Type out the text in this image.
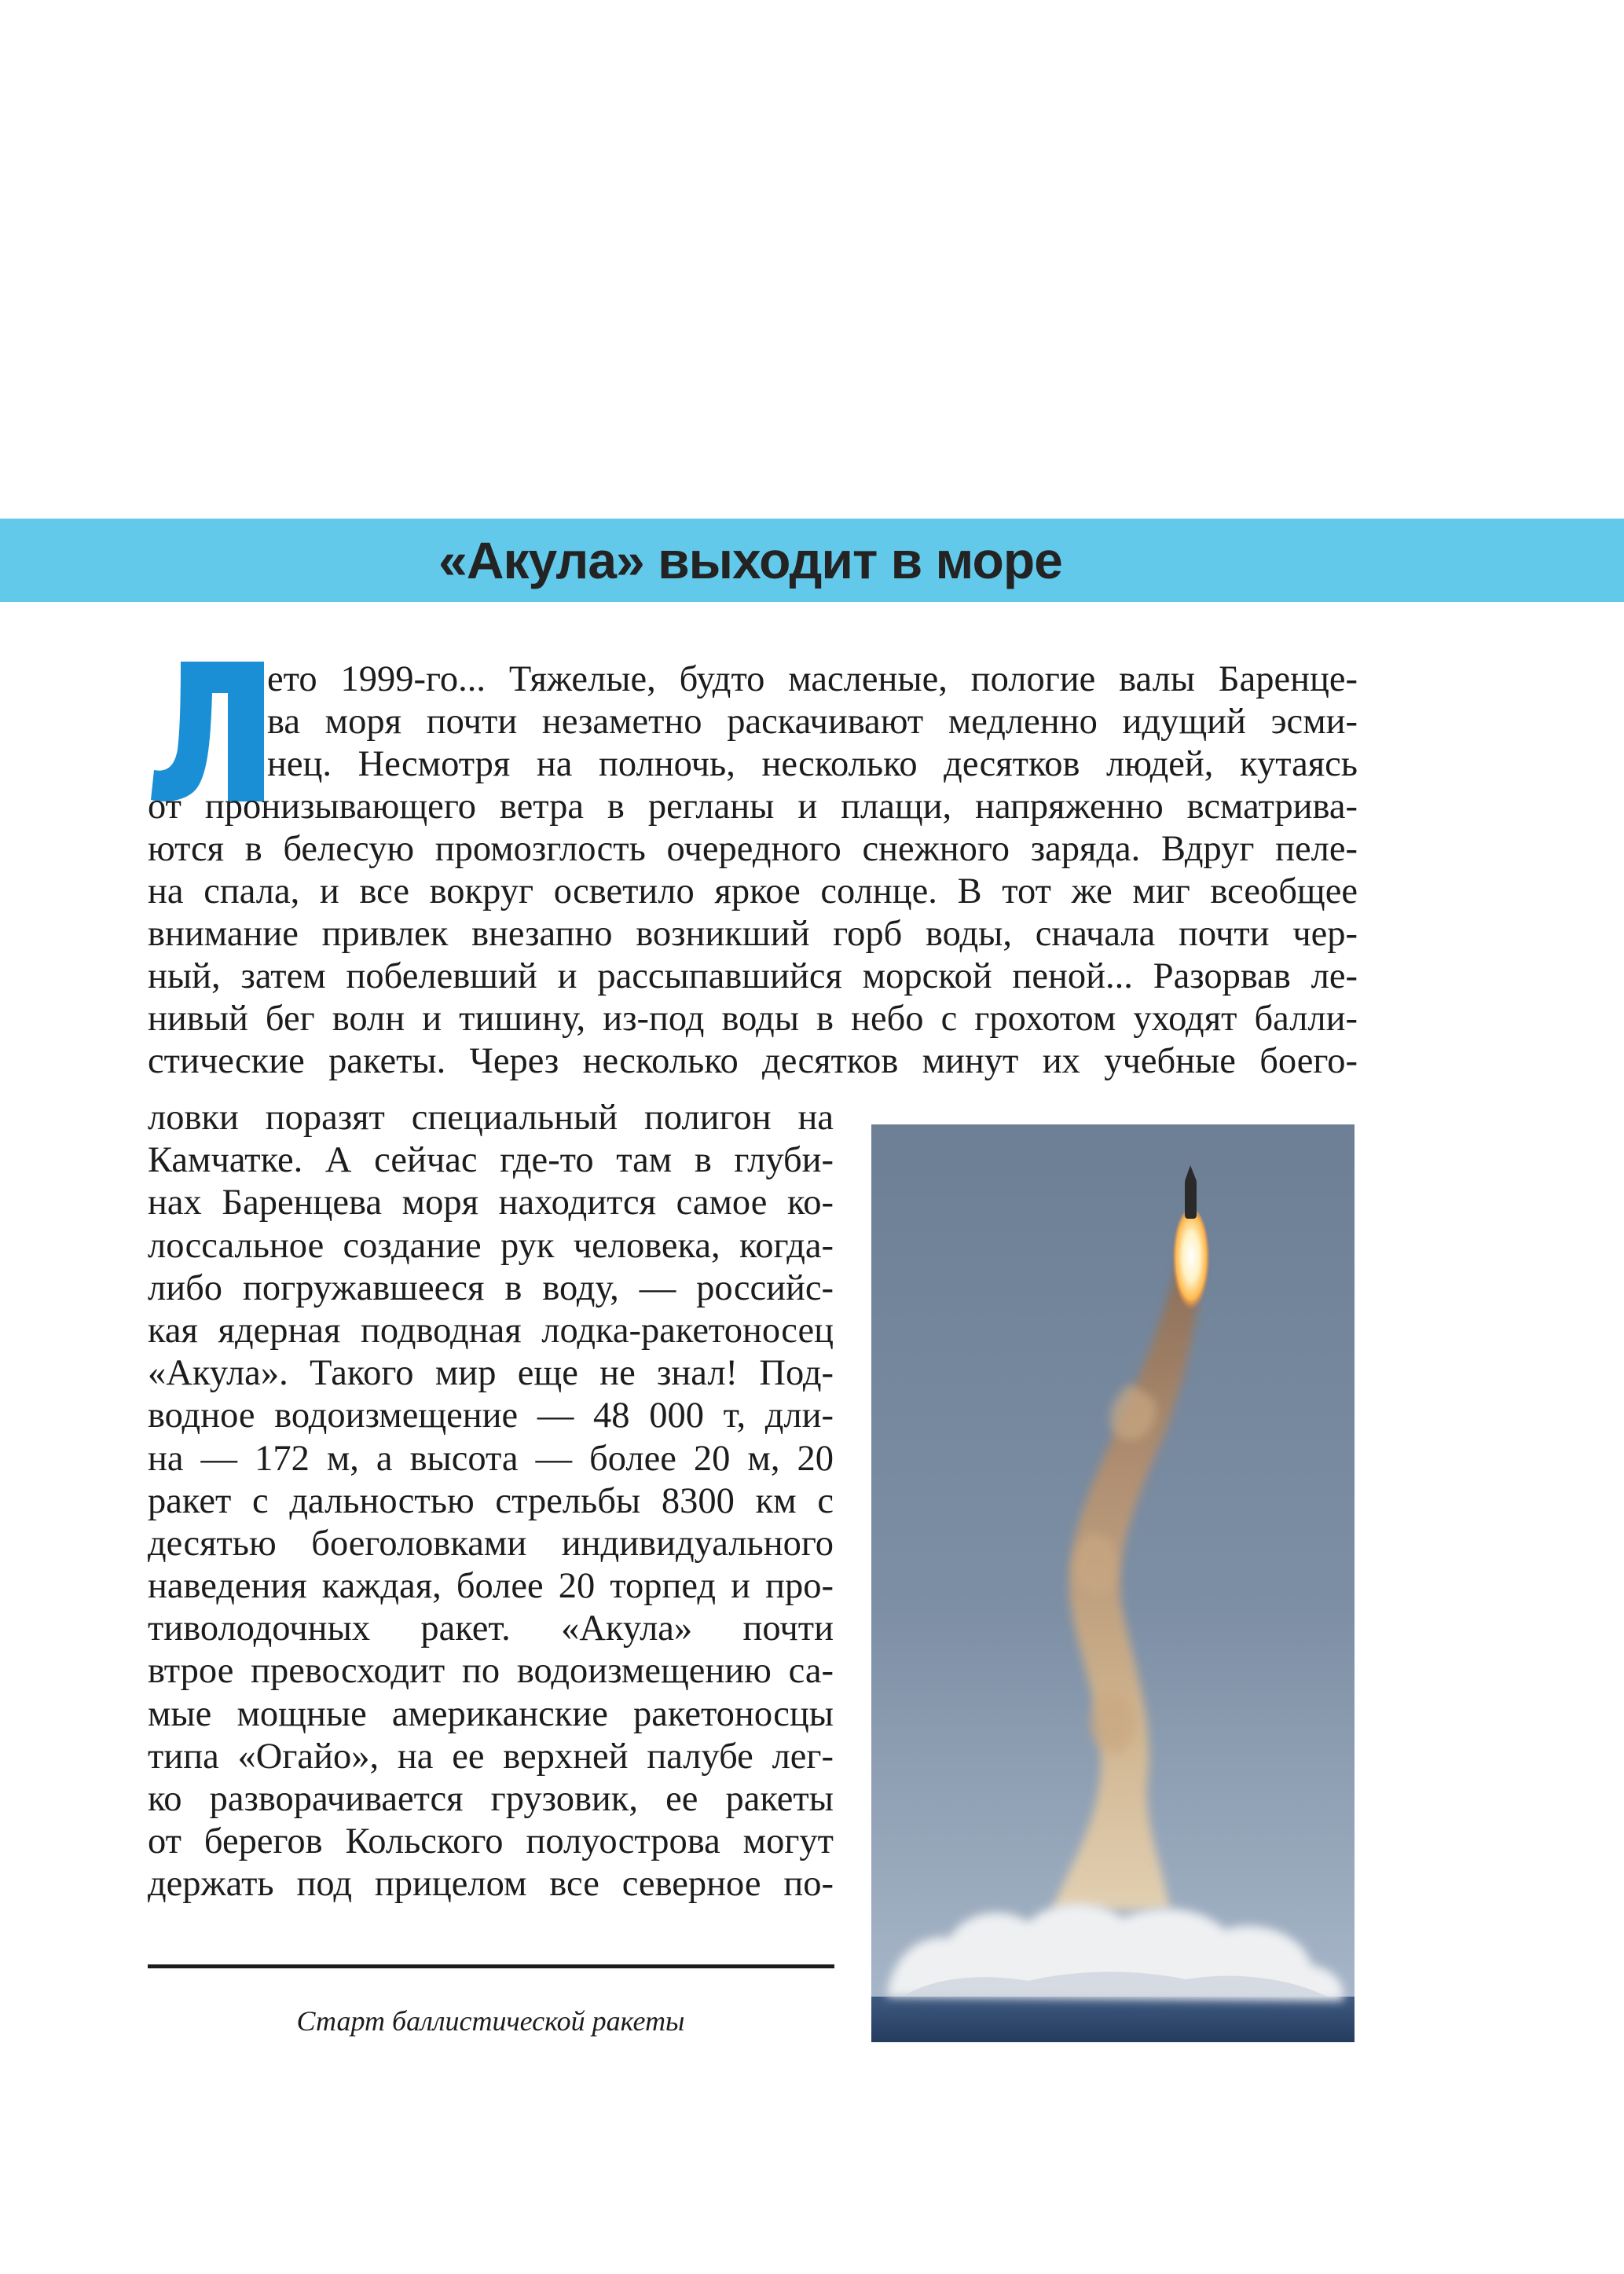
«Акула» выходит в море
Л	ето 1999-го... Тяжелые, будто масленые, пологие валы Баренце-
ва моря почти незаметно раскачивают медленно идущий эсми-
нец. Несмотря на полночь, несколько десятков людей, кутаясь
от пронизывающего ветра в регланы и плащи, напряженно всматрива-
ются в белесую промозглость очередного снежного заряда. Вдруг пеле-
на спала, и все вокруг осветило яркое солнце. В тот же миг всеобщее
внимание привлек внезапно возникший горб воды, сначала почти чер-
ный, затем побелевший и рассыпавшийся морской пеной... Разорвав ле-
нивый бег волн и тишину, из-под воды в небо с грохотом уходят балли-
стические ракеты. Через несколько десятков минут их учебные боего-
ловки поразят специальный полигон на
Камчатке. А сейчас где-то там в глуби-
нах Баренцева моря находится самое ко-
лоссальное создание рук человека, когда-
либо погружавшееся в воду, — российс-
кая ядерная подводная лодка-ракетоносец
«Акула». Такого мир еще не знал! Под-
водное водоизмещение — 48 000 т, дли-
на — 172 м, а высота — более 20 м, 20
ракет с дальностью стрельбы 8300 км с
десятью боеголовками индивидуального
наведения каждая, более 20 торпед и про-
тиволодочных ракет. «Акула» почти
втрое превосходит по водоизмещению са-
мые мощные американские ракетоносцы
типа «Огайо», на ее верхней палубе лег-
ко разворачивается грузовик, ее ракеты
от берегов Кольского полуострова могут
держать под прицелом все северное по-
Старт баллистической ракеты
